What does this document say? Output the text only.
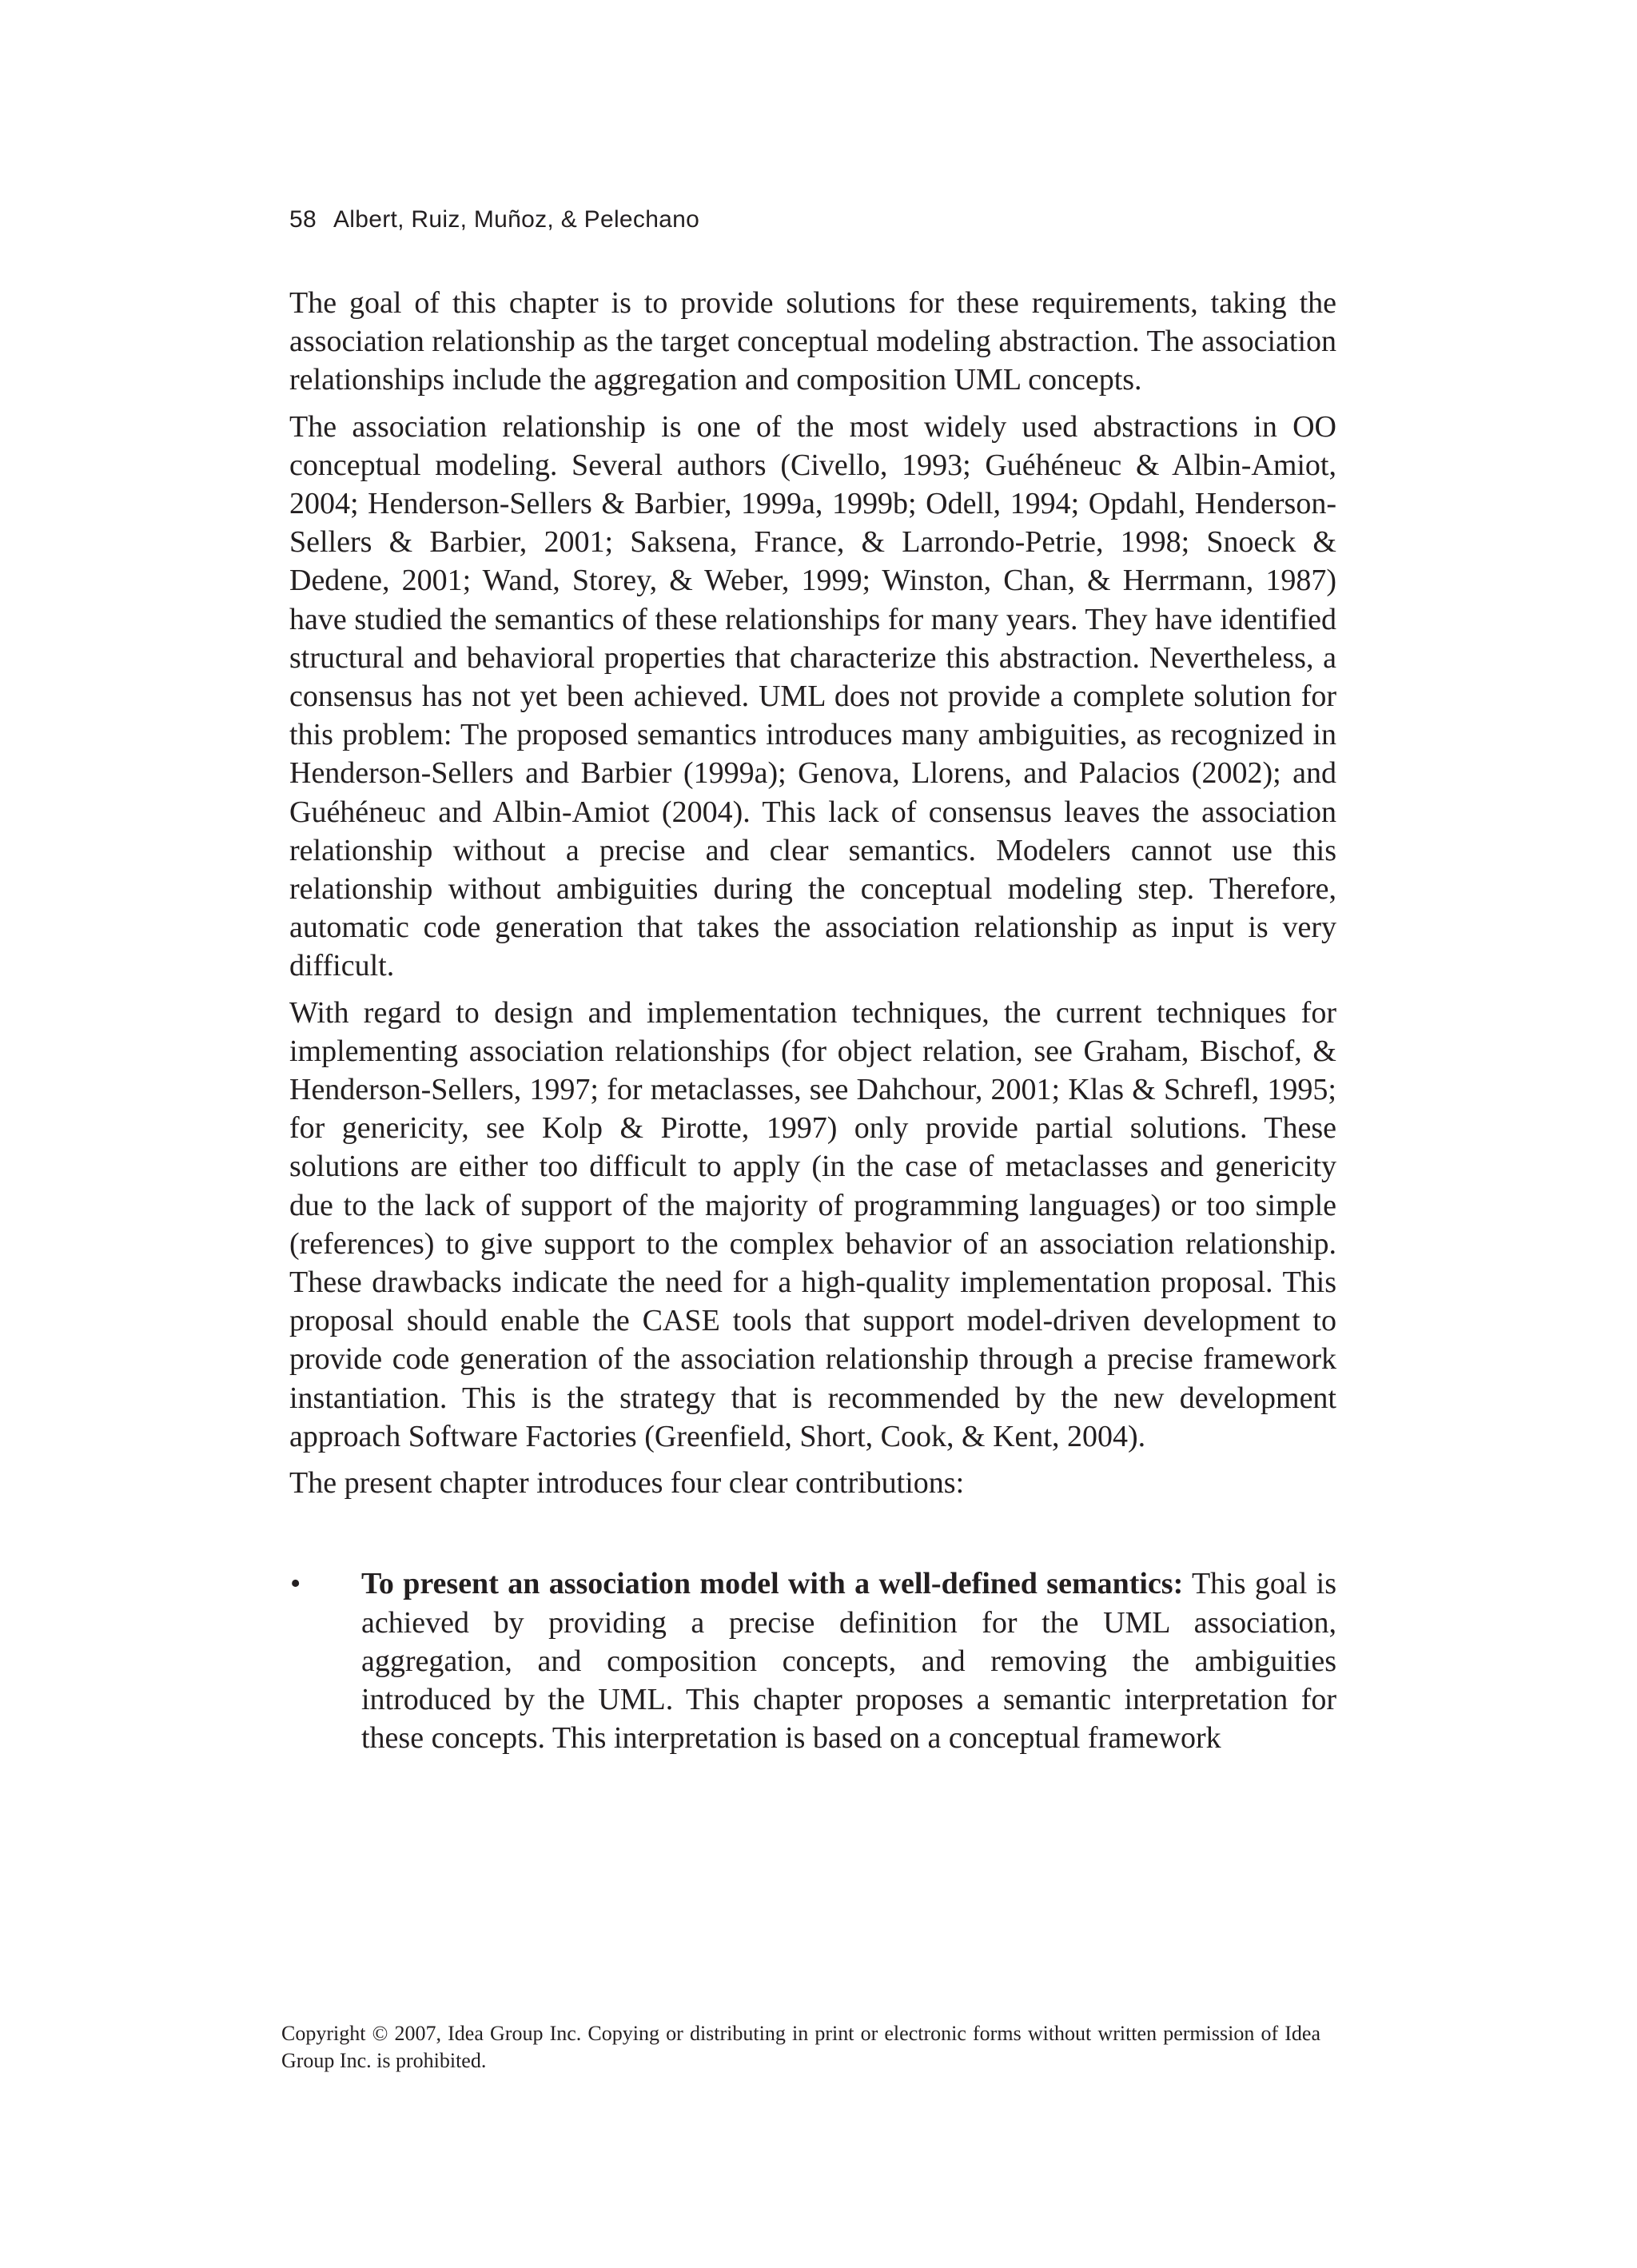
58 Albert, Ruiz, Muñoz, & Pelechano

The goal of this chapter is to provide solutions for these requirements, taking the association relationship as the target conceptual modeling abstraction. The association relationships include the aggregation and composition UML concepts.

The association relationship is one of the most widely used abstractions in OO conceptual modeling. Several authors (Civello, 1993; Guéhéneuc & Albin-Amiot, 2004; Henderson-Sellers & Barbier, 1999a, 1999b; Odell, 1994; Opdahl, Henderson-Sellers & Barbier, 2001; Saksena, France, & Larrondo-Petrie, 1998; Snoeck & Dedene, 2001; Wand, Storey, & Weber, 1999; Winston, Chan, & Herrmann, 1987) have studied the semantics of these relationships for many years. They have identified structural and behavioral properties that characterize this abstraction. Nevertheless, a consensus has not yet been achieved. UML does not provide a complete solution for this problem: The proposed semantics introduces many ambiguities, as recognized in Henderson-Sellers and Barbier (1999a); Genova, Llorens, and Palacios (2002); and Guéhéneuc and Albin-Amiot (2004). This lack of consensus leaves the association relationship without a precise and clear semantics. Modelers cannot use this relationship without ambiguities during the conceptual modeling step. Therefore, automatic code generation that takes the association relationship as input is very difficult.

With regard to design and implementation techniques, the current techniques for implementing association relationships (for object relation, see Graham, Bischof, & Henderson-Sellers, 1997; for metaclasses, see Dahchour, 2001; Klas & Schrefl, 1995; for genericity, see Kolp & Pirotte, 1997) only provide partial solutions. These solutions are either too difficult to apply (in the case of metaclasses and genericity due to the lack of support of the majority of programming languages) or too simple (references) to give support to the complex behavior of an association relationship. These drawbacks indicate the need for a high-quality implementation proposal. This proposal should enable the CASE tools that support model-driven development to provide code generation of the association relationship through a precise framework instantiation. This is the strategy that is recommended by the new development approach Software Factories (Greenfield, Short, Cook, & Kent, 2004).

The present chapter introduces four clear contributions:

• To present an association model with a well-defined semantics: This goal is achieved by providing a precise definition for the UML association, aggregation, and composition concepts, and removing the ambiguities introduced by the UML. This chapter proposes a semantic interpretation for these concepts. This interpretation is based on a conceptual framework
Copyright © 2007, Idea Group Inc. Copying or distributing in print or electronic forms without written permission of Idea Group Inc. is prohibited.
